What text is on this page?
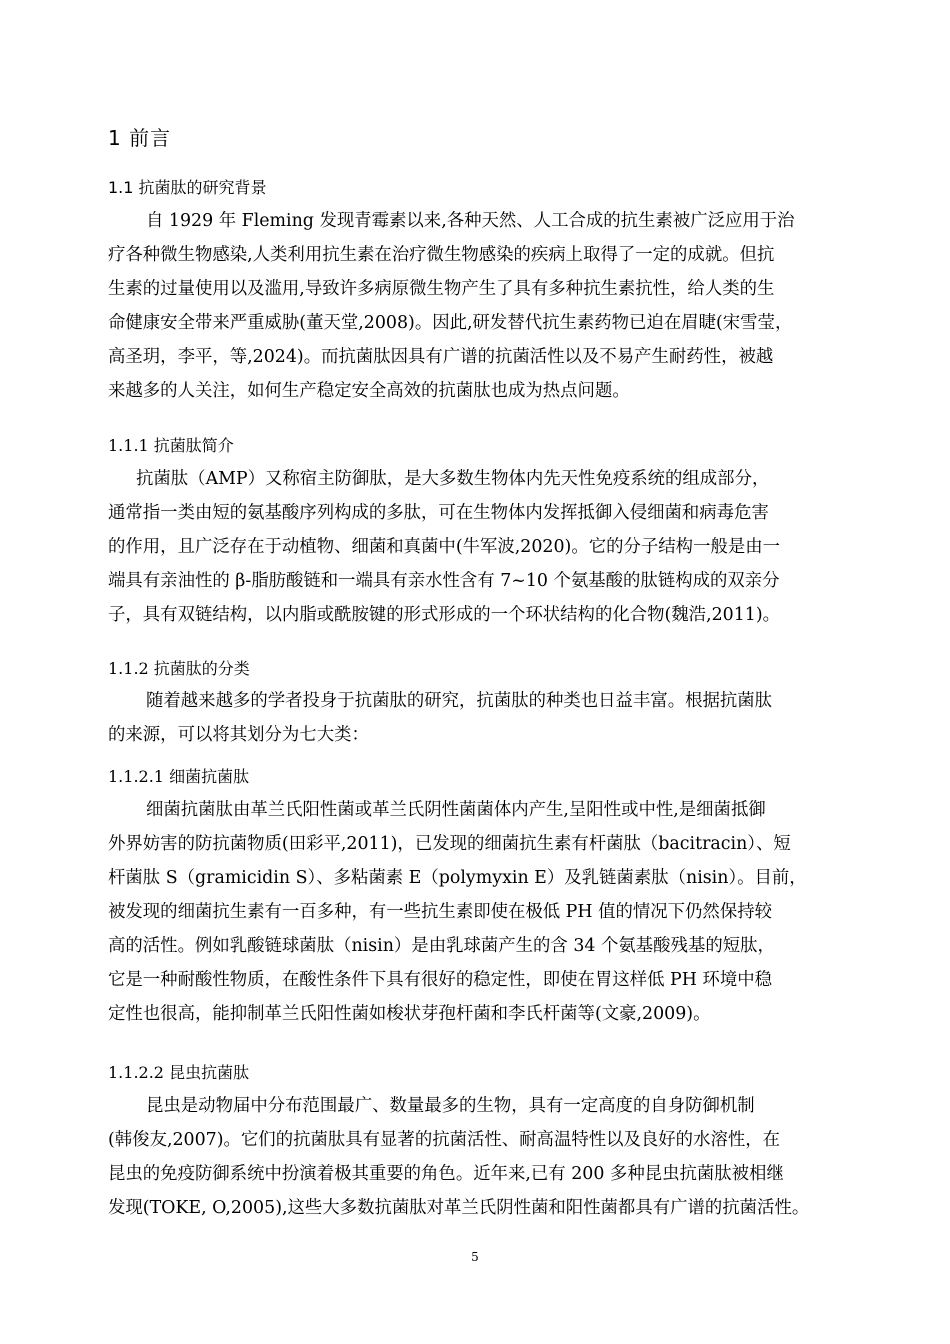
1 前言
1.1 抗菌肽的研究背景
自 1929 年 Fleming 发现青霉素以来,各种天然、人工合成的抗生素被广泛应用于治
疗各种微生物感染,人类利用抗生素在治疗微生物感染的疾病上取得了一定的成就。但抗
生素的过量使用以及滥用,导致许多病原微生物产生了具有多种抗生素抗性，给人类的生
命健康安全带来严重威胁(董天堂,2008)。因此,研发替代抗生素药物已迫在眉睫(宋雪莹，
高圣玥，李平，等,2024)。而抗菌肽因具有广谱的抗菌活性以及不易产生耐药性，被越
来越多的人关注，如何生产稳定安全高效的抗菌肽也成为热点问题。
1.1.1 抗菌肽简介
抗菌肽（AMP）又称宿主防御肽，是大多数生物体内先天性免疫系统的组成部分，
通常指一类由短的氨基酸序列构成的多肽，可在生物体内发挥抵御入侵细菌和病毒危害
的作用，且广泛存在于动植物、细菌和真菌中(牛军波,2020)。它的分子结构一般是由一
端具有亲油性的 β-脂肪酸链和一端具有亲水性含有 7~10 个氨基酸的肽链构成的双亲分
子，具有双链结构，以内脂或酰胺键的形式形成的一个环状结构的化合物(魏浩,2011)。
1.1.2 抗菌肽的分类
随着越来越多的学者投身于抗菌肽的研究，抗菌肽的种类也日益丰富。根据抗菌肽
的来源，可以将其划分为七大类：
1.1.2.1 细菌抗菌肽
细菌抗菌肽由革兰氏阳性菌或革兰氏阴性菌菌体内产生,呈阳性或中性,是细菌抵御
外界妨害的防抗菌物质(田彩平,2011)，已发现的细菌抗生素有杆菌肽（bacitracin）、短
杆菌肽 S（gramicidin S）、多粘菌素 E（polymyxin E）及乳链菌素肽（nisin）。目前，
被发现的细菌抗生素有一百多种，有一些抗生素即使在极低 PH 值的情况下仍然保持较
高的活性。例如乳酸链球菌肽（nisin）是由乳球菌产生的含 34 个氨基酸残基的短肽，
它是一种耐酸性物质，在酸性条件下具有很好的稳定性，即使在胃这样低 PH 环境中稳
定性也很高，能抑制革兰氏阳性菌如梭状芽孢杆菌和李氏杆菌等(文豪,2009)。
1.1.2.2 昆虫抗菌肽
昆虫是动物届中分布范围最广、数量最多的生物，具有一定高度的自身防御机制
(韩俊友,2007)。它们的抗菌肽具有显著的抗菌活性、耐高温特性以及良好的水溶性，在
昆虫的免疫防御系统中扮演着极其重要的角色。近年来,已有 200 多种昆虫抗菌肽被相继
发现(TOKE, O,2005),这些大多数抗菌肽对革兰氏阴性菌和阳性菌都具有广谱的抗菌活性。
5
